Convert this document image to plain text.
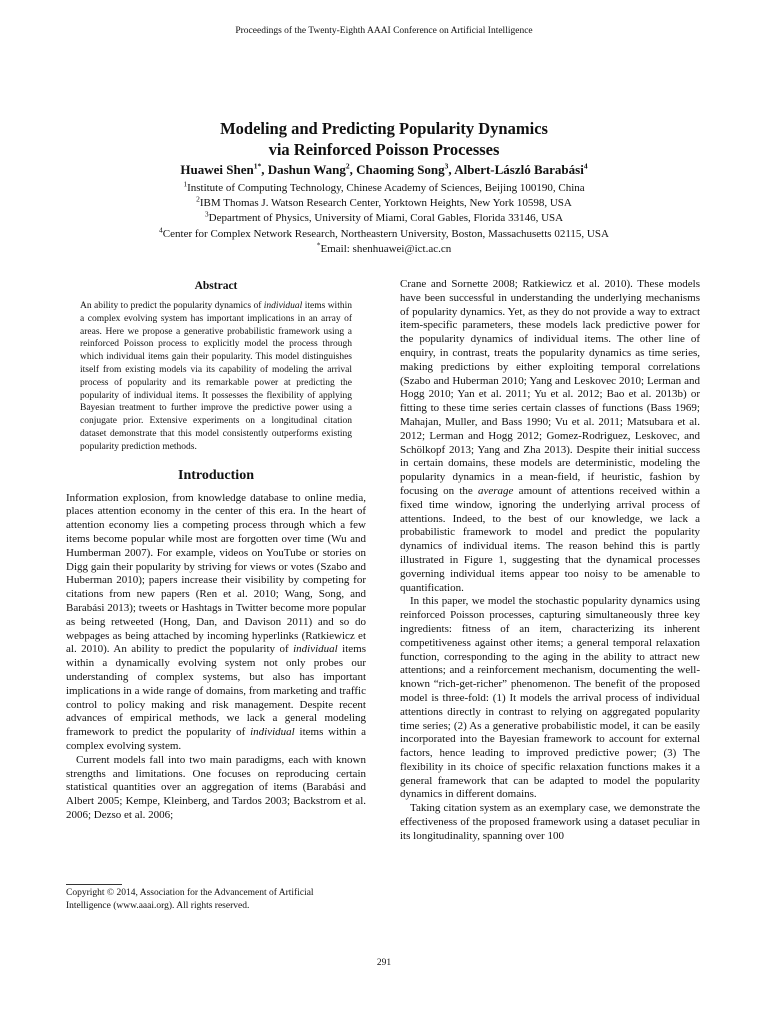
Proceedings of the Twenty-Eighth AAAI Conference on Artificial Intelligence
Modeling and Predicting Popularity Dynamics
via Reinforced Poisson Processes
Huawei Shen$^{1*}$, Dashun Wang$^2$, Chaoming Song$^3$, Albert-László Barabási$^4$
$^1$Institute of Computing Technology, Chinese Academy of Sciences, Beijing 100190, China
$^2$IBM Thomas J. Watson Research Center, Yorktown Heights, New York 10598, USA
$^3$Department of Physics, University of Miami, Coral Gables, Florida 33146, USA
$^4$Center for Complex Network Research, Northeastern University, Boston, Massachusetts 02115, USA
*Email: shenhuawei@ict.ac.cn
Abstract

An ability to predict the popularity dynamics of individual items within a complex evolving system has important implications in an array of areas. Here we propose a generative probabilistic framework using a reinforced Poisson process to explicitly model the process through which individual items gain their popularity. This model distinguishes itself from existing models via its capability of modeling the arrival process of popularity and its remarkable power at predicting the popularity of individual items. It possesses the flexibility of applying Bayesian treatment to further improve the predictive power using a conjugate prior. Extensive experiments on a longitudinal citation dataset demonstrate that this model consistently outperforms existing popularity prediction methods.

Introduction

Information explosion, from knowledge database to online media, places attention economy in the center of this era. In the heart of attention economy lies a competing process through which a few items become popular while most are forgotten over time (Wu and Humberman 2007). For example, videos on YouTube or stories on Digg gain their popularity by striving for views or votes (Szabo and Huberman 2010); papers increase their visibility by competing for citations from new papers (Ren et al. 2010; Wang, Song, and Barabási 2013); tweets or Hashtags in Twitter become more popular as being retweeted (Hong, Dan, and Davison 2011) and so do webpages as being attached by incoming hyperlinks (Ratkiewicz et al. 2010). An ability to predict the popularity of individual items within a dynamically evolving system not only probes our understanding of complex systems, but also has important implications in a wide range of domains, from marketing and traffic control to policy making and risk management. Despite recent advances of empirical methods, we lack a general modeling framework to predict the popularity of individual items within a complex evolving system.

Current models fall into two main paradigms, each with known strengths and limitations. One focuses on reproducing certain statistical quantities over an aggregation of items (Barabási and Albert 2005; Kempe, Kleinberg, and Tardos 2003; Backstrom et al. 2006; Dezso et al. 2006;

Copyright © 2014, Association for the Advancement of Artificial
Intelligence (www.aaai.org). All rights reserved.

Crane and Sornette 2008; Ratkiewicz et al. 2010). These models have been successful in understanding the underlying mechanisms of popularity dynamics. Yet, as they do not provide a way to extract item-specific parameters, these models lack predictive power for the popularity dynamics of individual items. The other line of enquiry, in contrast, treats the popularity dynamics as time series, making predictions by either exploiting temporal correlations (Szabo and Huberman 2010; Yang and Leskovec 2010; Lerman and Hogg 2010; Yan et al. 2011; Yu et al. 2012; Bao et al. 2013b) or fitting to these time series certain classes of functions (Bass 1969; Mahajan, Muller, and Bass 1990; Vu et al. 2011; Matsubara et al. 2012; Lerman and Hogg 2012; Gomez-Rodriguez, Leskovec, and Schölkopf 2013; Yang and Zha 2013). Despite their initial success in certain domains, these models are deterministic, modeling the popularity dynamics in a mean-field, if heuristic, fashion by focusing on the average amount of attentions received within a fixed time window, ignoring the underlying arrival process of attentions. Indeed, to the best of our knowledge, we lack a probabilistic framework to model and predict the popularity dynamics of individual items. The reason behind this is partly illustrated in Figure 1, suggesting that the dynamical processes governing individual items appear too noisy to be amenable to quantification.

In this paper, we model the stochastic popularity dynamics using reinforced Poisson processes, capturing simultaneously three key ingredients: fitness of an item, characterizing its inherent competitiveness against other items; a general temporal relaxation function, corresponding to the aging in the ability to attract new attentions; and a reinforcement mechanism, documenting the well-known “rich-get-richer” phenomenon. The benefit of the proposed model is three-fold: (1) It models the arrival process of individual attentions directly in contrast to relying on aggregated popularity time series; (2) As a generative probabilistic model, it can be easily incorporated into the Bayesian framework to account for external factors, hence leading to improved predictive power; (3) The flexibility in its choice of specific relaxation functions makes it a general framework that can be adapted to model the popularity dynamics in different domains.

Taking citation system as an exemplary case, we demonstrate the effectiveness of the proposed framework using a dataset peculiar in its longitudinality, spanning over 100

291
